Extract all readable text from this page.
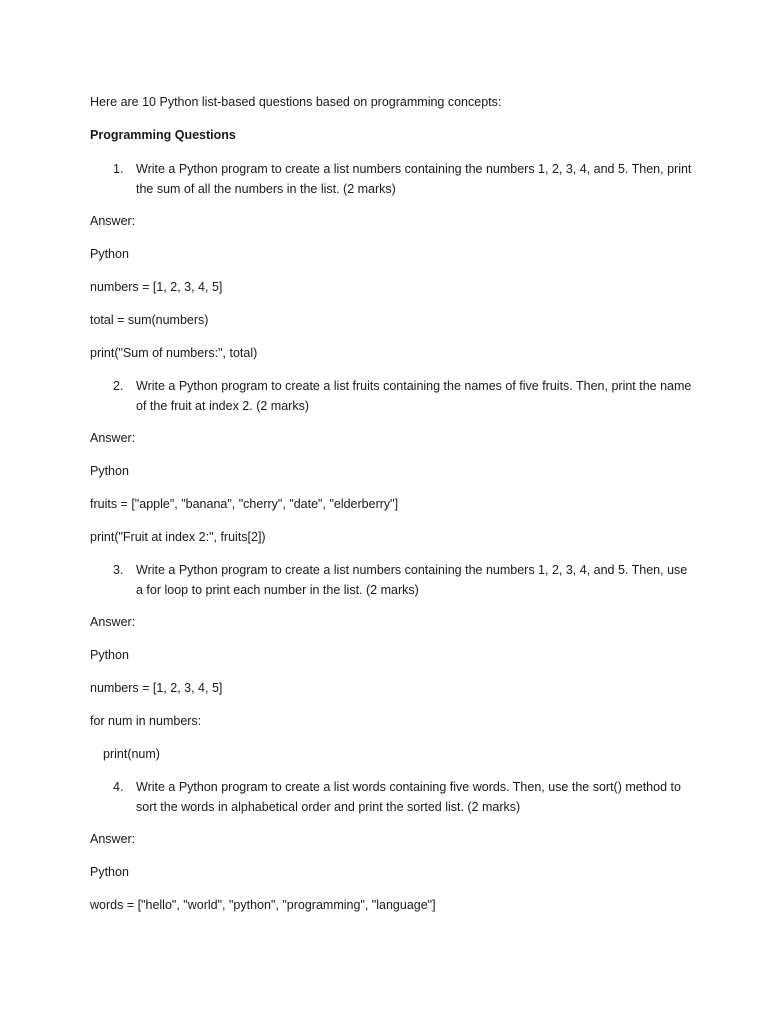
Here are 10 Python list-based questions based on programming concepts:
Programming Questions
1. Write a Python program to create a list numbers containing the numbers 1, 2, 3, 4, and 5. Then, print the sum of all the numbers in the list. (2 marks)
Answer:
Python
numbers = [1, 2, 3, 4, 5]
total = sum(numbers)
print("Sum of numbers:", total)
2. Write a Python program to create a list fruits containing the names of five fruits. Then, print the name of the fruit at index 2. (2 marks)
Answer:
Python
fruits = ["apple", "banana", "cherry", "date", "elderberry"]
print("Fruit at index 2:", fruits[2])
3. Write a Python program to create a list numbers containing the numbers 1, 2, 3, 4, and 5. Then, use a for loop to print each number in the list. (2 marks)
Answer:
Python
numbers = [1, 2, 3, 4, 5]
for num in numbers:
print(num)
4. Write a Python program to create a list words containing five words. Then, use the sort() method to sort the words in alphabetical order and print the sorted list. (2 marks)
Answer:
Python
words = ["hello", "world", "python", "programming", "language"]
